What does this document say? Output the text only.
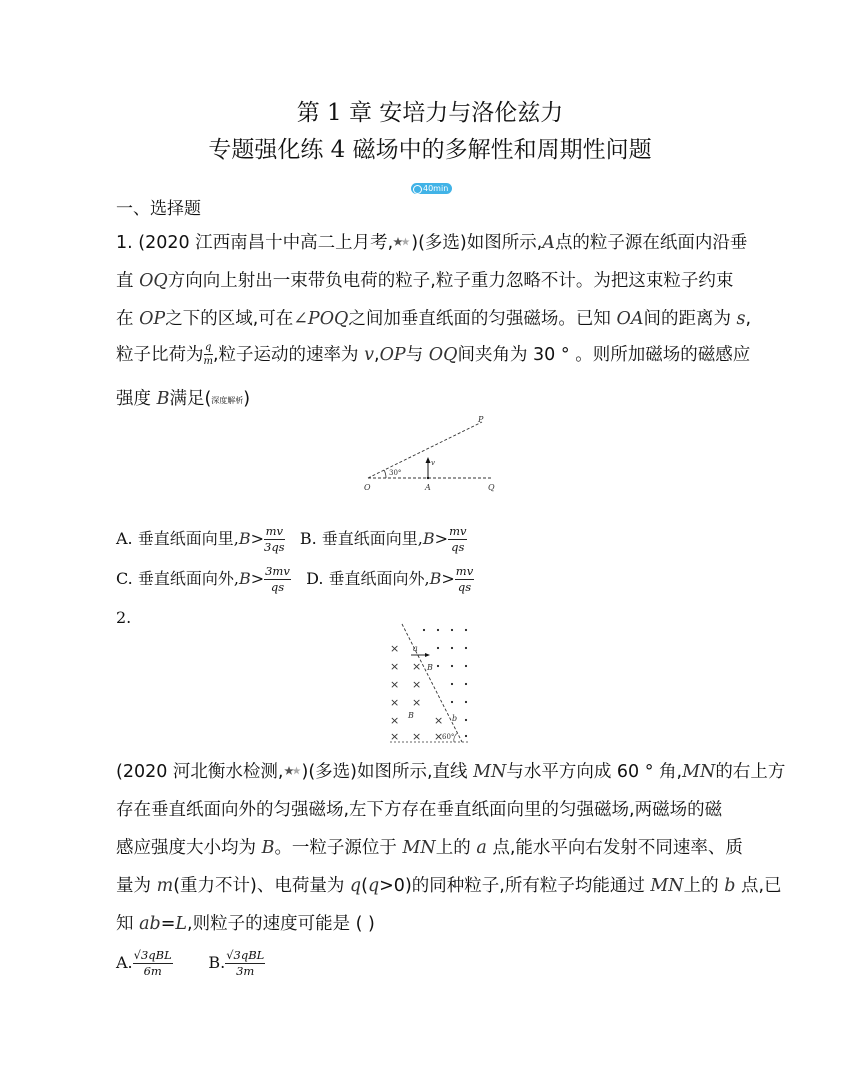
第 1 章 安培力与洛伦兹力
专题强化练 4 磁场中的多解性和周期性问题
40min
一、选择题
1. (2020 江西南昌十中高二上月考, )(多选)如图所示,A点的粒子源在纸面内沿垂
直 OQ方向向上射出一束带负电荷的粒子,粒子重力忽略不计。为把这束粒子约束
在 OP之下的区域,可在∠POQ之间加垂直纸面的匀强磁场。已知 OA间的距离为 s,
粒子比荷为 $\frac{q}{m}$ ,粒子运动的速率为 v,OP与 OQ间夹角为 30 ° 。则所加磁场的磁感应
强度 B满足(深度解析)
P
O	A	Q
v
30°
A. 垂直纸面向里$,B> \frac{mv}{3qs} B$. 垂直纸面向里$,B> \frac{mv}{qs}$
C. 垂直纸面向外$,B> \frac{3mv}{qs} D$. 垂直纸面向外$,B> \frac{mv}{qs}$
2.
×
× ×
× ×
× ×
×	×
× × ×
a
b
B
B
60°
(2020 河北衡水检测, )(多选)如图所示,直线 MN与水平方向成 60 ° 角,MN的右上方
存在垂直纸面向外的匀强磁场,左下方存在垂直纸面向里的匀强磁场,两磁场的磁
感应强度大小均为 B。一粒子源位于 MN上的 a 点,能水平向右发射不同速率、质
量为 m(重力不计)、电荷量为 q(q>0)的同种粒子,所有粒子均能通过 MN上的 b 点,已
知 ab=L,则粒子的速度可能是 ( )
A. $\frac{\text{√3qBL}}{6m} B$. $\frac{\text{√3qBL}}{3m}$
